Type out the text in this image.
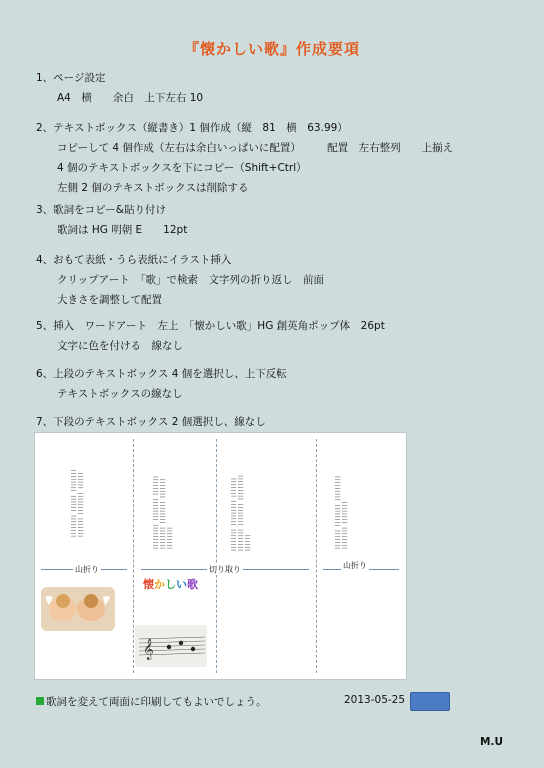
『懐かしい歌』作成要項
1、ページ設定
A4　横　　余白　上下左右 10
2、テキストボックス（縦書き）1 個作成（縦　81　横　63.99）
コピーして 4 個作成（左右は余白いっぱいに配置）　　　配置　左右整列　　上揃え
4 個のテキストボックスを下にコピー（Shift+Ctrl）
左側 2 個のテキストボックスは削除する
3、歌詞をコピー&貼り付け
歌詞は HG 明朝 E　　12pt
4、おもて表紙・うら表紙にイラスト挿入
クリップアート　「歌」で検索　文字列の折り返し　前面
大きさを調整して配置
5、挿入　ワードアート　左上　「懐かしい歌」HG 創英角ポップ体　26pt
文字に色を付ける　線なし
6、上段のテキストボックス 4 個を選択し、上下反転
テキストボックスの線なし
7、下段のテキストボックス 2 個選択し、線なし
|||||||| |||||| |||||||| ||||||| |||||||| ||||||	||||||||| |||||||| ||||||| |||||||| |||||||| ||||||| ||||||||	|||||||| ||||||||| ||||||| |||||||| |||||||| ||||||||| ||||||	||||||| |||||||| ||||||||| |||||||| ||||||||
山折り	切り取り	山折り
懐かしい歌
𝄞
歌詞を変えて両面に印刷してもよいでしょう。	2013-05-25
M.U
